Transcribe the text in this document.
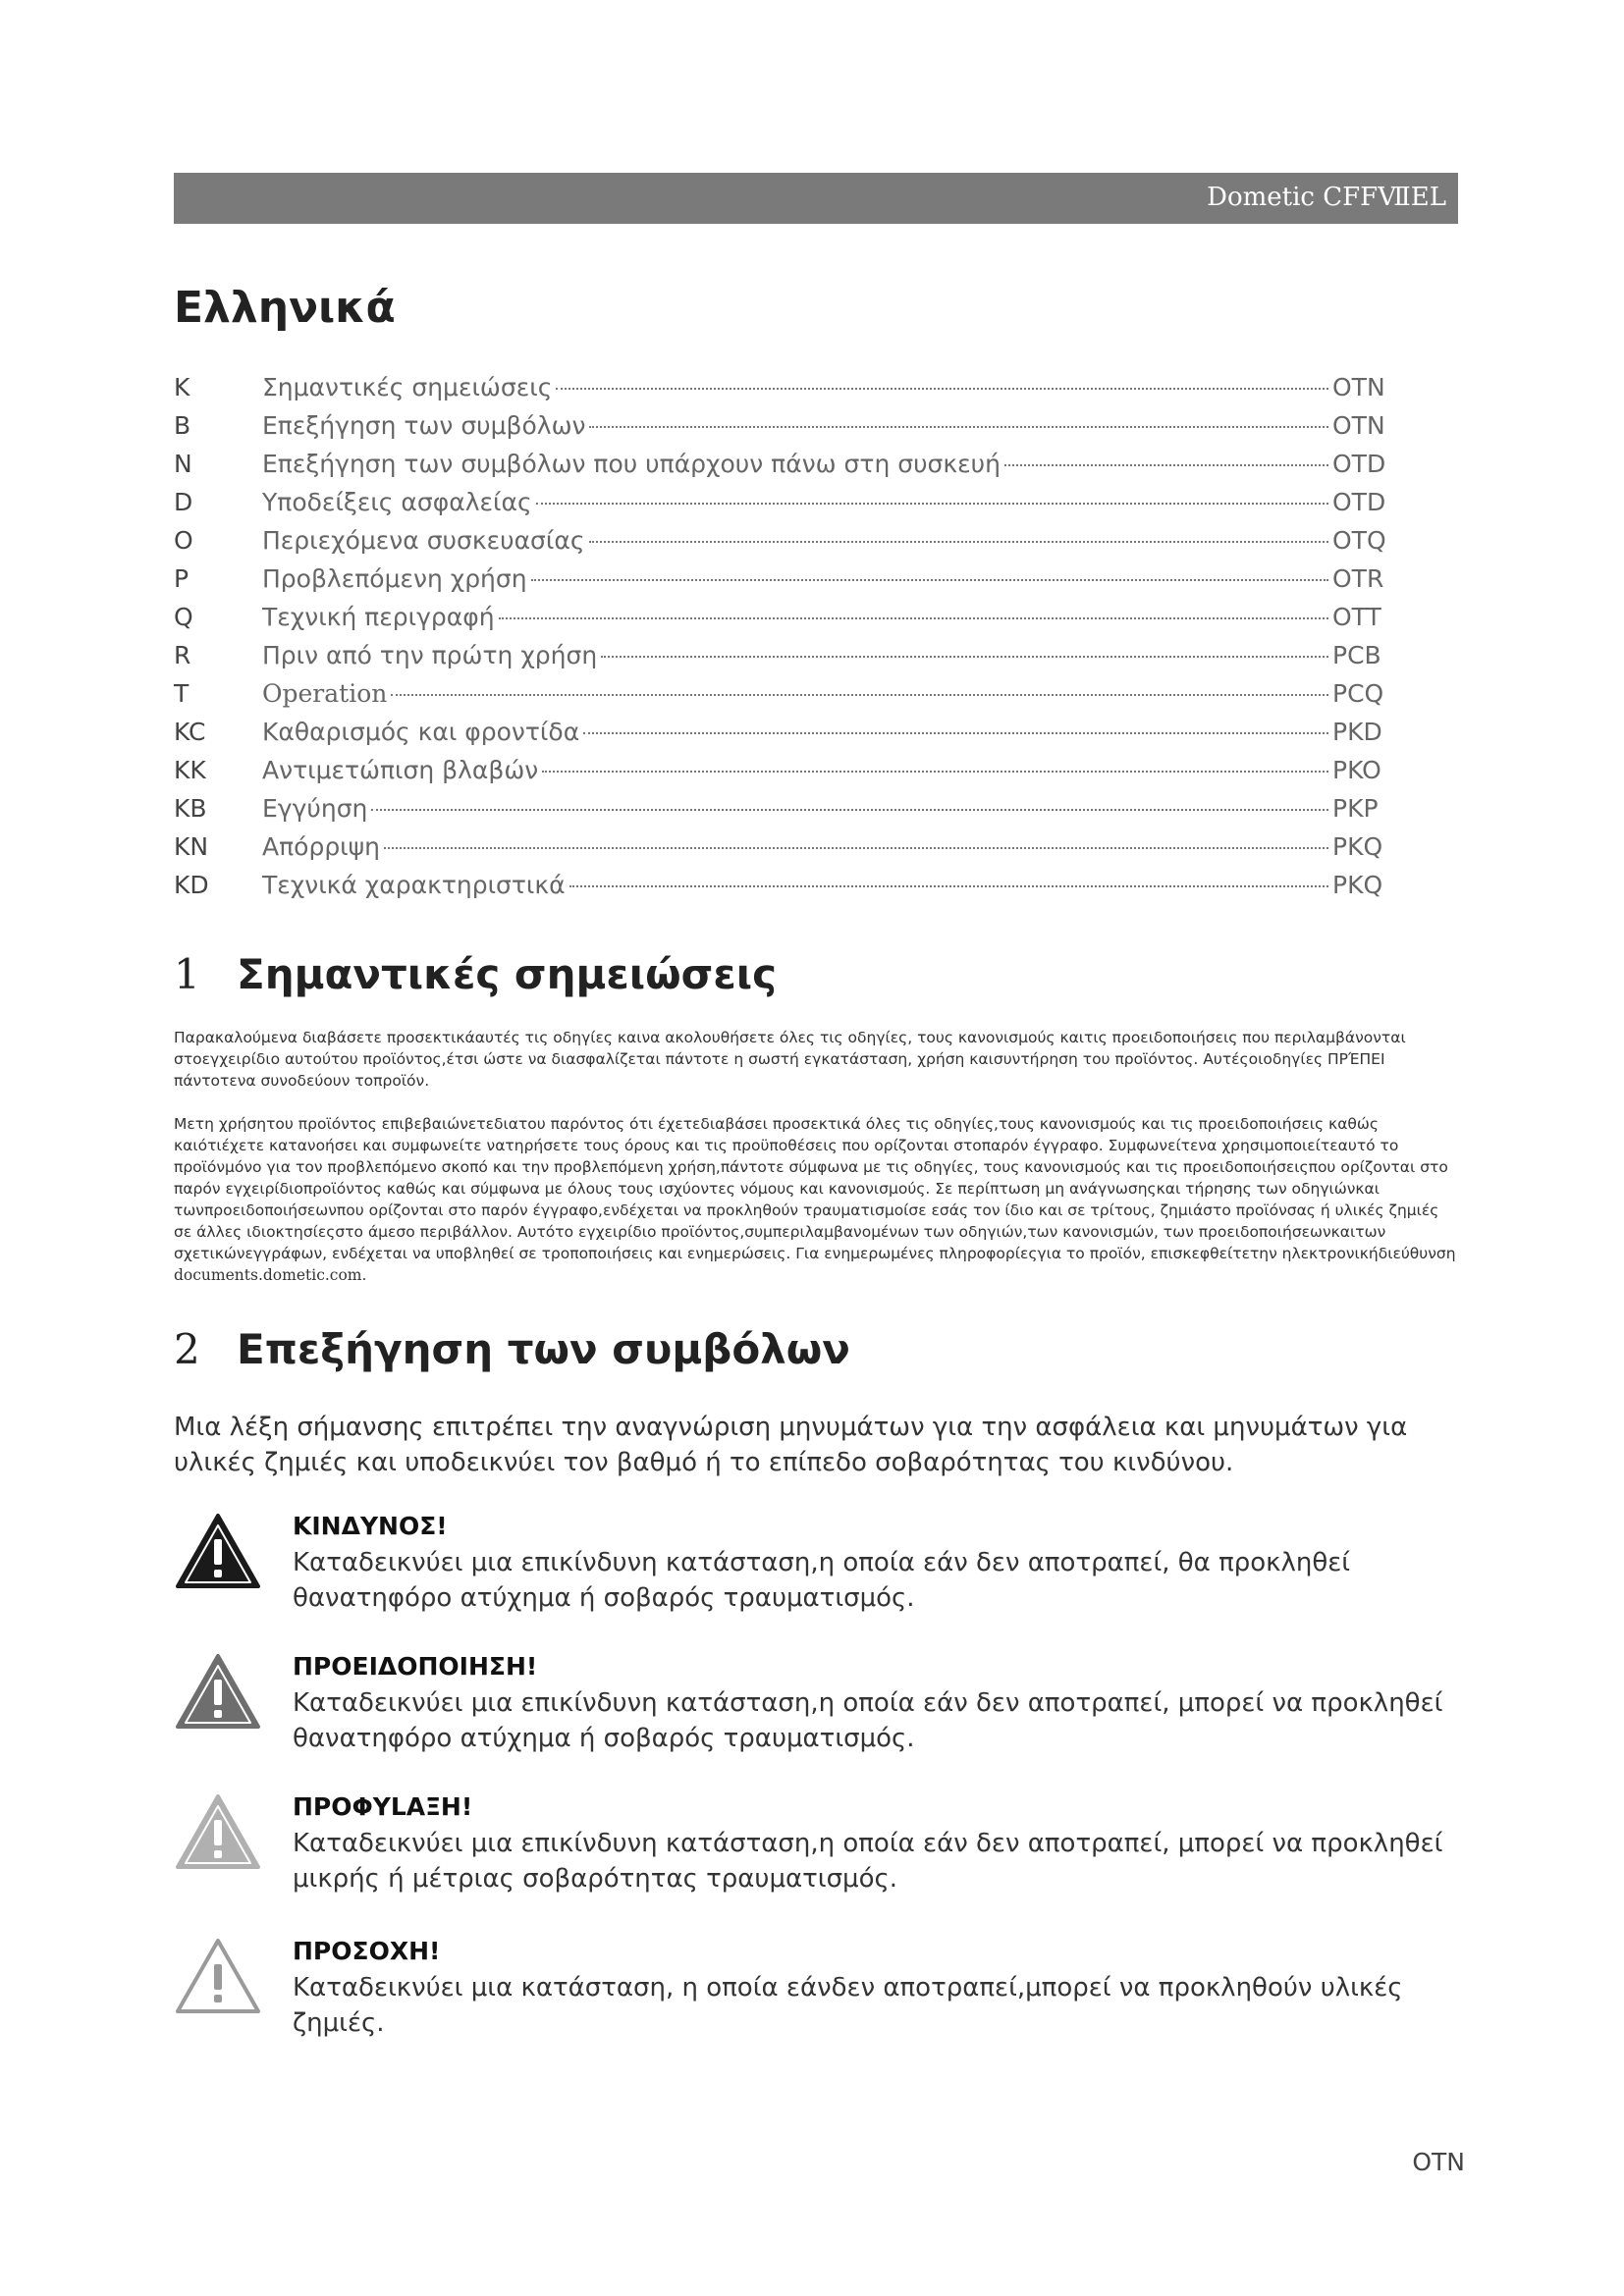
Dometic CFFⅦEL
Ελληνικά
K	Σημαντικές σημειώσεις	OTN
B	Επεξήγηση των συμβόλων	OTN
N	Επεξήγηση των συμβόλων που υπάρχουν πάνω στη συσκευή	OTD
D	Υποδείξεις ασφαλείας	OTD
O	Περιεχόμενα συσκευασίας	OTQ
P	Προβλεπόμενη χρήση	OTR
Q	Τεχνική περιγραφή	OTT
R	Πριν από την πρώτη χρήση	PCB
T	Operation	PCQ
KC	Καθαρισμός και φροντίδα	PKD
KK	Αντιμετώπιση βλαβών	PKO
KB	Εγγύηση	PKP
KN	Απόρριψη	PKQ
KD	Τεχνικά χαρακτηριστικά	PKQ
1 Σημαντικές σημειώσεις
Παρακαλούμενα διαβάσετε προσεκτικάαυτές τις οδηγίες καινα ακολουθήσετε όλες τις οδηγίες, τους κανονισμούς καιτις προειδοποιήσεις που περιλαμβάνονται στοεγχειρίδιο αυτούτου προϊόντος,έτσι ώστε να διασφαλίζεται πάντοτε η σωστή εγκατάσταση, χρήση καισυντήρηση του προϊόντος. Αυτέςοιοδηγίες ΠΡΈΠΕΙ πάντοτενα συνοδεύουν τοπροϊόν.
Μετη χρήσητου προϊόντος επιβεβαιώνετεδιατου παρόντος ότι έχετεδιαβάσει προσεκτικά όλες τις οδηγίες,τους κανονισμούς και τις προειδοποιήσεις καθώς καιότιέχετε κατανοήσει και συμφωνείτε νατηρήσετε τους όρους και τις προϋποθέσεις που ορίζονται στοπαρόν έγγραφο. Συμφωνείτενα χρησιμοποιείτεαυτό το προϊόνμόνο για τον προβλεπόμενο σκοπό και την προβλεπόμενη χρήση,πάντοτε σύμφωνα με τις οδηγίες, τους κανονισμούς και τις προειδοποιήσειςπου ορίζονται στο παρόν εγχειρίδιοπροϊόντος καθώς και σύμφωνα με όλους τους ισχύοντες νόμους και κανονισμούς. Σε περίπτωση μη ανάγνωσηςκαι τήρησης των οδηγιώνκαι τωνπροειδοποιήσεωνπου ορίζονται στο παρόν έγγραφο,ενδέχεται να προκληθούν τραυματισμοίσε εσάς τον ίδιο και σε τρίτους, ζημιάστο προϊόνσας ή υλικές ζημιές σε άλλες ιδιοκτησίεςστο άμεσο περιβάλλον. Αυτότο εγχειρίδιο προϊόντος,συμπεριλαμβανομένων των οδηγιών,των κανονισμών, των προειδοποιήσεωνκαιτων σχετικώνεγγράφων, ενδέχεται να υποβληθεί σε τροποποιήσεις και ενημερώσεις. Για ενημερωμένες πληροφορίεςγια το προϊόν, επισκεφθείτετην ηλεκτρονικήδιεύθυνση documents.dometic.com.
2 Επεξήγηση των συμβόλων
Μια λέξη σήμανσης επιτρέπει την αναγνώριση μηνυμάτων για την ασφάλεια και μηνυμάτων για υλικές ζημιές και υποδεικνύει τον βαθμό ή το επίπεδο σοβαρότητας του κινδύνου.
ΚΙΝΔΥΝΟΣ!
Καταδεικνύει μια επικίνδυνη κατάσταση,η οποία εάν δεν αποτραπεί, θα προκληθεί θανατηφόρο ατύχημα ή σοβαρός τραυματισμός.
ΠΡΟΕΙΔΟΠΟΙΗΣΗ!
Καταδεικνύει μια επικίνδυνη κατάσταση,η οποία εάν δεν αποτραπεί, μπορεί να προκληθεί θανατηφόρο ατύχημα ή σοβαρός τραυματισμός.
ΠΡΟΦΥLΑΞΗ!
Καταδεικνύει μια επικίνδυνη κατάσταση,η οποία εάν δεν αποτραπεί, μπορεί να προκληθεί μικρής ή μέτριας σοβαρότητας τραυματισμός.
ΠΡΟΣΟΧΗ!
Καταδεικνύει μια κατάσταση, η οποία εάνδεν αποτραπεί,μπορεί να προκληθούν υλικές ζημιές.
OTN
